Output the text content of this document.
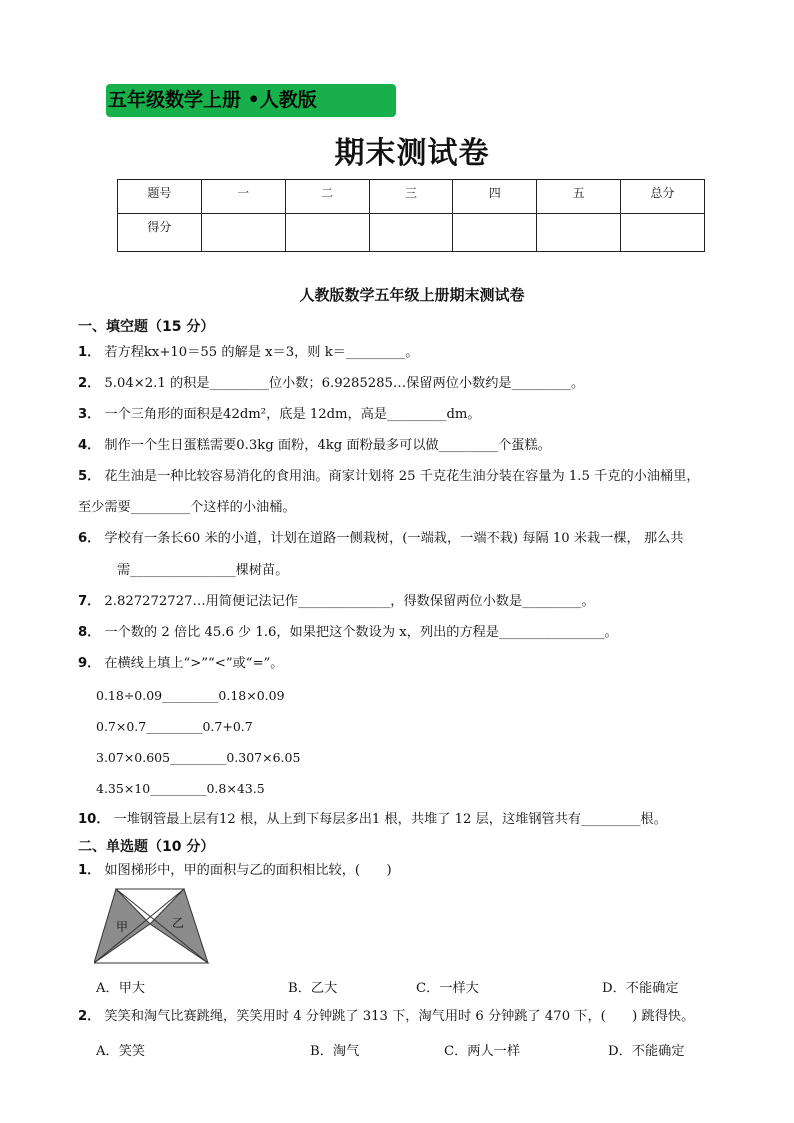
五年级数学上册 •人教版
期末测试卷
题号	一	二	三	四	五	总分
得分						
人教版数学五年级上册期末测试卷
一、填空题（15 分）
1． 若方程kx+10＝55 的解是 x＝3，则 k＝_________。
2． 5.04×2.1 的积是_________位小数；6.9285285…保留两位小数约是_________。
3． 一个三角形的面积是42dm²，底是 12dm，高是_________dm。
4． 制作一个生日蛋糕需要0.3kg 面粉，4kg 面粉最多可以做_________个蛋糕。
5． 花生油是一种比较容易消化的食用油。商家计划将 25 千克花生油分装在容量为 1.5 千克的小油桶里，
至少需要_________个这样的小油桶。
6． 学校有一条长60 米的小道，计划在道路一侧栽树，(一端栽，一端不栽) 每隔 10 米栽一棵， 那么共
需________________棵树苗。
7． 2.827272727…用简便记法记作______________，得数保留两位小数是_________。
8． 一个数的 2 倍比 45.6 少 1.6，如果把这个数设为 x，列出的方程是________________。
9． 在横线上填上“>”“<”或“=”。
0.18÷0.09_________0.18×0.09
0.7×0.7_________0.7+0.7
3.07×0.605_________0.307×6.05
4.35×10_________0.8×43.5
10． 一堆钢管最上层有12 根，从上到下每层多出1 根，共堆了 12 层，这堆钢管共有_________根。
二、单选题（10 分）
1． 如图梯形中，甲的面积与乙的面积相比较，(　　)
甲	乙
A．甲大	B．乙大	C．一样大	D．不能确定
2． 笑笑和淘气比赛跳绳，笑笑用时 4 分钟跳了 313 下，淘气用时 6 分钟跳了 470 下，(　　) 跳得快。
A．笑笑	B．淘气	C．两人一样	D．不能确定
